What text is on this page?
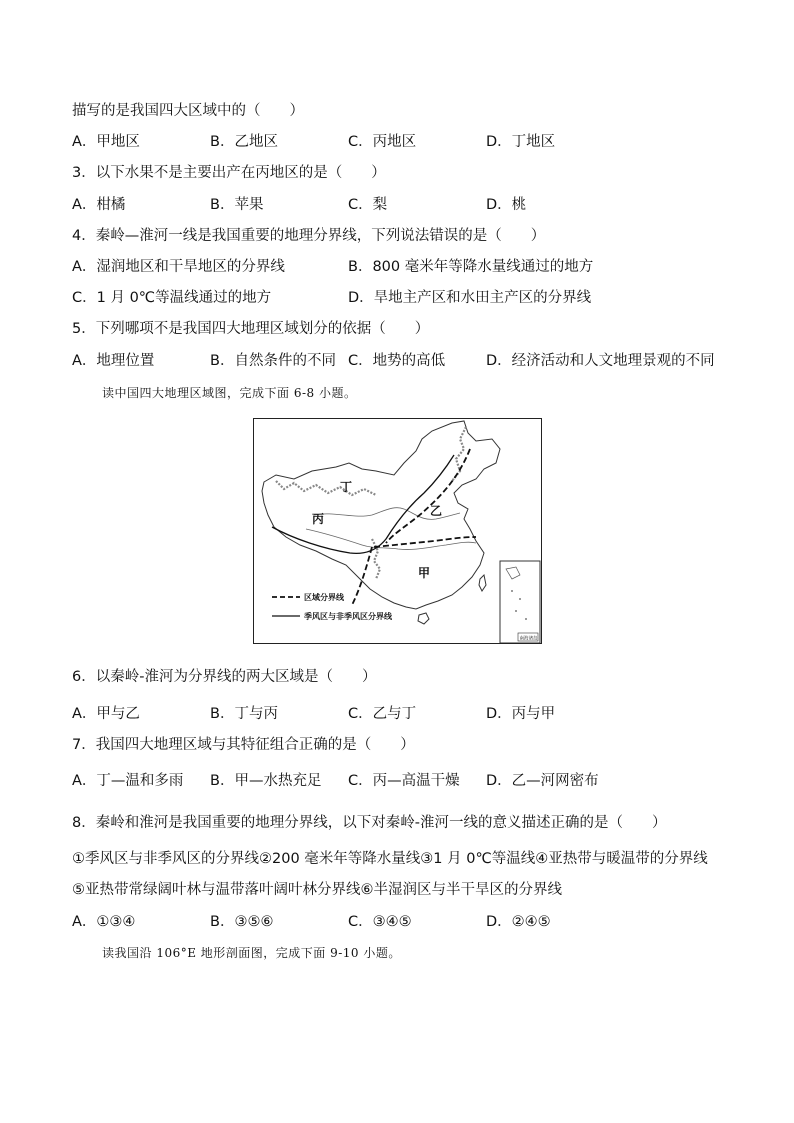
描写的是我国四大区域中的（　　）
A．甲地区	B．乙地区	C．丙地区	D．丁地区
3．以下水果不是主要出产在丙地区的是（　　）
A．柑橘	B．苹果	C．梨	D．桃
4．秦岭—淮河一线是我国重要的地理分界线，下列说法错误的是（　　）
A．湿润地区和干旱地区的分界线	B．800 毫米年等降水量线通过的地方
C．1 月 0℃等温线通过的地方	D．旱地主产区和水田主产区的分界线
5．下列哪项不是我国四大地理区域划分的依据（　　）
A．地理位置	B．自然条件的不同 C．地势的高低	D．经济活动和人文地理景观的不同
读中国四大地理区域图，完成下面 6-8 小题。
丁
丙
乙
甲
区域分界线
季风区与非季风区分界线
南海诸岛
6．以秦岭-淮河为分界线的两大区域是（　　）
A．甲与乙	B．丁与丙	C．乙与丁	D．丙与甲
7．我国四大地理区域与其特征组合正确的是（　　）
A．丁—温和多雨 B．甲—水热充足 C．丙—高温干燥 D．乙—河网密布
8．秦岭和淮河是我国重要的地理分界线，以下对秦岭-淮河一线的意义描述正确的是（　　）
①季风区与非季风区的分界线②200 毫米年等降水量线③1 月 0℃等温线④亚热带与暖温带的分界线
⑤亚热带常绿阔叶林与温带落叶阔叶林分界线⑥半湿润区与半干旱区的分界线
A．①③④	B．③⑤⑥	C．③④⑤	D．②④⑤
读我国沿 106°E 地形剖面图，完成下面 9-10 小题。
